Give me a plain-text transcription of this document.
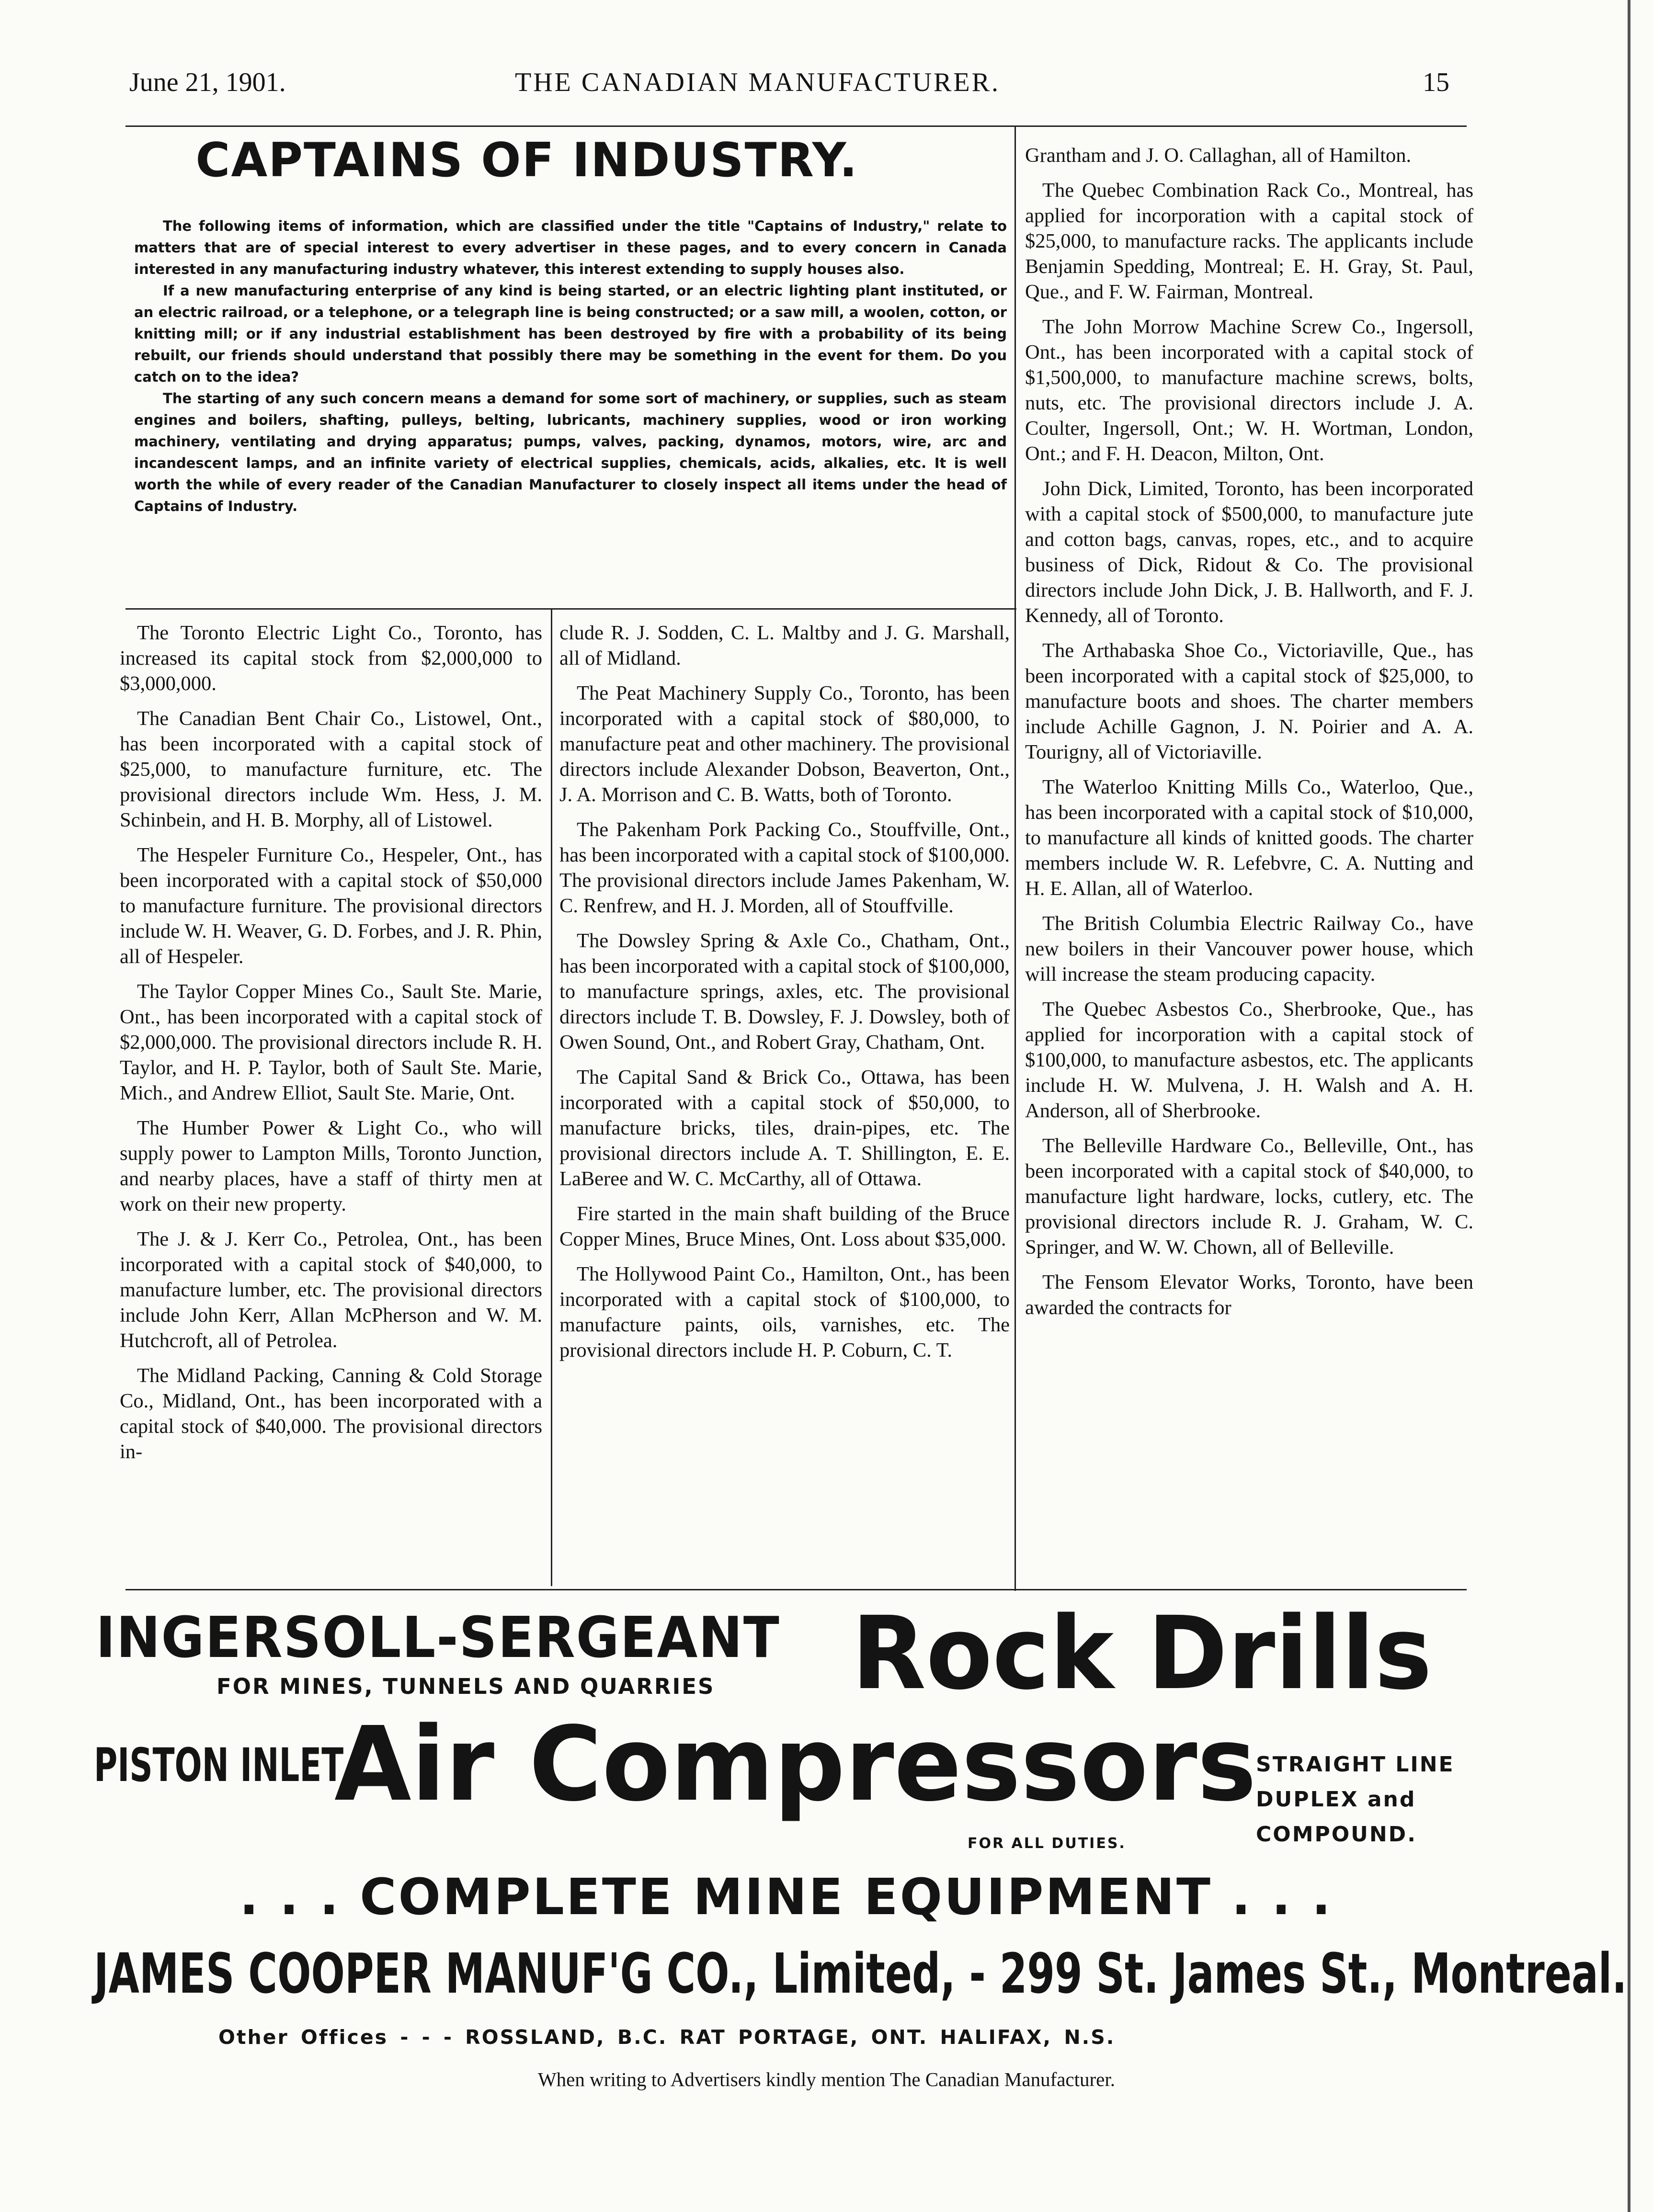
June 21, 1901.	THE CANADIAN MANUFACTURER.	15
CAPTAINS OF INDUSTRY.

The following items of information, which are classified under the title "Captains of Industry," relate to matters that are of special interest to every advertiser in these pages, and to every concern in Canada interested in any manufacturing industry whatever, this interest extending to supply houses also.

If a new manufacturing enterprise of any kind is being started, or an electric lighting plant instituted, or an electric railroad, or a telephone, or a telegraph line is being constructed; or a saw mill, a woolen, cotton, or knitting mill; or if any industrial establishment has been destroyed by fire with a probability of its being rebuilt, our friends should understand that possibly there may be something in the event for them. Do you catch on to the idea?

The starting of any such concern means a demand for some sort of machinery, or supplies, such as steam engines and boilers, shafting, pulleys, belting, lubricants, machinery supplies, wood or iron working machinery, ventilating and drying apparatus; pumps, valves, packing, dynamos, motors, wire, arc and incandescent lamps, and an infinite variety of electrical supplies, chemicals, acids, alkalies, etc. It is well worth the while of every reader of the Canadian Manufacturer to closely inspect all items under the head of Captains of Industry.

The Toronto Electric Light Co., Toronto, has increased its capital stock from $2,000,000 to $3,000,000.

The Canadian Bent Chair Co., Listowel, Ont., has been incorporated with a capital stock of $25,000, to manufacture furniture, etc. The provisional directors include Wm. Hess, J. M. Schinbein, and H. B. Morphy, all of Listowel.

The Hespeler Furniture Co., Hespeler, Ont., has been incorporated with a capital stock of $50,000 to manufacture furniture. The provisional directors include W. H. Weaver, G. D. Forbes, and J. R. Phin, all of Hespeler.

The Taylor Copper Mines Co., Sault Ste. Marie, Ont., has been incorporated with a capital stock of $2,000,000. The provisional directors include R. H. Taylor, and H. P. Taylor, both of Sault Ste. Marie, Mich., and Andrew Elliot, Sault Ste. Marie, Ont.

The Humber Power & Light Co., who will supply power to Lampton Mills, Toronto Junction, and nearby places, have a staff of thirty men at work on their new property.

The J. & J. Kerr Co., Petrolea, Ont., has been incorporated with a capital stock of $40,000, to manufacture lumber, etc. The provisional directors include John Kerr, Allan McPherson and W. M. Hutchcroft, all of Petrolea.

The Midland Packing, Canning & Cold Storage Co., Midland, Ont., has been incorporated with a capital stock of $40,000. The provisional directors in-

clude R. J. Sodden, C. L. Maltby and J. G. Marshall, all of Midland.

The Peat Machinery Supply Co., Toronto, has been incorporated with a capital stock of $80,000, to manufacture peat and other machinery. The provisional directors include Alexander Dobson, Beaverton, Ont., J. A. Morrison and C. B. Watts, both of Toronto.

The Pakenham Pork Packing Co., Stouffville, Ont., has been incorporated with a capital stock of $100,000. The provisional directors include James Pakenham, W. C. Renfrew, and H. J. Morden, all of Stouffville.

The Dowsley Spring & Axle Co., Chatham, Ont., has been incorporated with a capital stock of $100,000, to manufacture springs, axles, etc. The provisional directors include T. B. Dowsley, F. J. Dowsley, both of Owen Sound, Ont., and Robert Gray, Chatham, Ont.

The Capital Sand & Brick Co., Ottawa, has been incorporated with a capital stock of $50,000, to manufacture bricks, tiles, drain-pipes, etc. The provisional directors include A. T. Shillington, E. E. LaBeree and W. C. McCarthy, all of Ottawa.

Fire started in the main shaft building of the Bruce Copper Mines, Bruce Mines, Ont. Loss about $35,000.

The Hollywood Paint Co., Hamilton, Ont., has been incorporated with a capital stock of $100,000, to manufacture paints, oils, varnishes, etc. The provisional directors include H. P. Coburn, C. T.

Grantham and J. O. Callaghan, all of Hamilton.

The Quebec Combination Rack Co., Montreal, has applied for incorporation with a capital stock of $25,000, to manufacture racks. The applicants include Benjamin Spedding, Montreal; E. H. Gray, St. Paul, Que., and F. W. Fairman, Montreal.

The John Morrow Machine Screw Co., Ingersoll, Ont., has been incorporated with a capital stock of $1,500,000, to manufacture machine screws, bolts, nuts, etc. The provisional directors include J. A. Coulter, Ingersoll, Ont.; W. H. Wortman, London, Ont.; and F. H. Deacon, Milton, Ont.

John Dick, Limited, Toronto, has been incorporated with a capital stock of $500,000, to manufacture jute and cotton bags, canvas, ropes, etc., and to acquire business of Dick, Ridout & Co. The provisional directors include John Dick, J. B. Hallworth, and F. J. Kennedy, all of Toronto.

The Arthabaska Shoe Co., Victoriaville, Que., has been incorporated with a capital stock of $25,000, to manufacture boots and shoes. The charter members include Achille Gagnon, J. N. Poirier and A. A. Tourigny, all of Victoriaville.

The Waterloo Knitting Mills Co., Waterloo, Que., has been incorporated with a capital stock of $10,000, to manufacture all kinds of knitted goods. The charter members include W. R. Lefebvre, C. A. Nutting and H. E. Allan, all of Waterloo.

The British Columbia Electric Railway Co., have new boilers in their Vancouver power house, which will increase the steam producing capacity.

The Quebec Asbestos Co., Sherbrooke, Que., has applied for incorporation with a capital stock of $100,000, to manufacture asbestos, etc. The applicants include H. W. Mulvena, J. H. Walsh and A. H. Anderson, all of Sherbrooke.

The Belleville Hardware Co., Belleville, Ont., has been incorporated with a capital stock of $40,000, to manufacture light hardware, locks, cutlery, etc. The provisional directors include R. J. Graham, W. C. Springer, and W. W. Chown, all of Belleville.

The Fensom Elevator Works, Toronto, have been awarded the contracts for

INGERSOLL-SERGEANT
FOR MINES, TUNNELS AND QUARRIES Rock Drills
PISTON INLET
Air Compressors
STRAIGHT LINE
DUPLEX and
COMPOUND.
FOR ALL DUTIES.
. . . COMPLETE MINE EQUIPMENT . . .
JAMES COOPER MANUF'G CO., Limited, - 299 St. James St., Montreal.
Other Offices - - - ROSSLAND, B.C. RAT PORTAGE, ONT. HALIFAX, N.S.
When writing to Advertisers kindly mention The Canadian Manufacturer.
